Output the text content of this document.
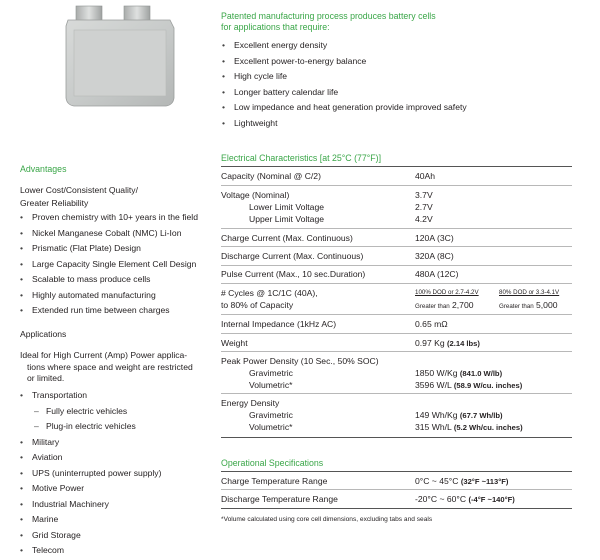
Patented manufacturing process produces battery cells
for applications that require:
• Excellent energy density
• Excellent power-to-energy balance
• High cycle life
• Longer battery calendar life
• Low impedance and heat generation provide improved safety
• Lightweight
Advantages
Lower Cost/Consistent Quality/
Greater Reliability
• Proven chemistry with 10+ years in the field
• Nickel Manganese Cobalt (NMC) Li-Ion
• Prismatic (Flat Plate) Design
• Large Capacity Single Element Cell Design
• Scalable to mass produce cells
• Highly automated manufacturing
• Extended run time between charges
Applications
Ideal for High Current (Amp) Power applica-
tions where space and weight are restricted
or limited.
• Transportation
– Fully electric vehicles
– Plug-in electric vehicles
• Military
• Aviation
• UPS (uninterrupted power supply)
• Motive Power
• Industrial Machinery
• Marine
• Grid Storage
• Telecom
Electrical Characteristics [at 25°C (77°F)]
Capacity (Nominal @ C/2)	40Ah
Voltage (Nominal)	3.7V
Lower Limit Voltage	2.7V
Upper Limit Voltage	4.2V
Charge Current (Max. Continuous)	120A (3C)
Discharge Current (Max. Continuous)	320A (8C)
Pulse Current (Max., 10 sec.Duration)	480A (12C)
# Cycles @ 1C/1C (40A),
to 80% of Capacity
100% DOD or 2.7-4.2V	80% DOD or 3.3-4.1V
Greater than 2,700	Greater than 5,000
Internal Impedance (1kHz AC)	0.65 mΩ
Weight	0.97 Kg (2.14 lbs)
Peak Power Density (10 Sec., 50% SOC)
Gravimetric	1850 W/Kg (841.0 W/lb)
Volumetric*	3596 W/L (58.9 W/cu. inches)
Energy Density
Gravimetric	149 Wh/Kg (67.7 Wh/lb)
Volumetric*	315 Wh/L (5.2 Wh/cu. inches)
Operational Specifications
Charge Temperature Range	0°C ~ 45°C (32°F ~113°F)
Discharge Temperature Range	-20°C ~ 60°C (-4°F ~140°F)
*Volume calculated using core cell dimensions, excluding tabs and seals
